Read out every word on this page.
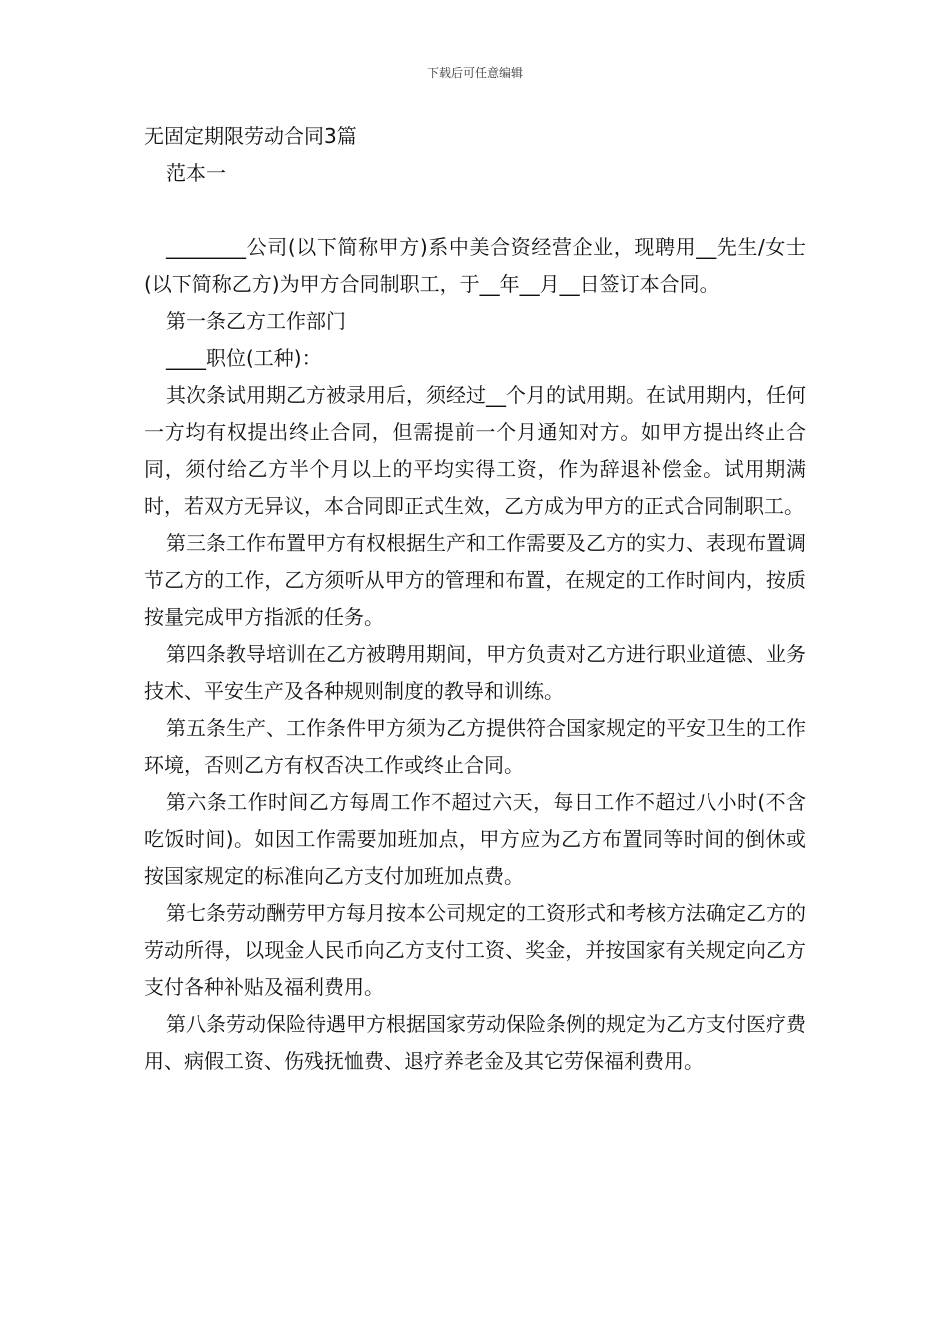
下载后可任意编辑

无固定期限劳动合同3篇

范本一

________公司(以下简称甲方)系中美合资经营企业，现聘用__先生/女士(以下简称乙方)为甲方合同制职工，于__年__月__日签订本合同。

第一条乙方工作部门

____职位(工种)：

其次条试用期乙方被录用后，须经过__个月的试用期。在试用期内，任何一方均有权提出终止合同，但需提前一个月通知对方。如甲方提出终止合同，须付给乙方半个月以上的平均实得工资，作为辞退补偿金。试用期满时，若双方无异议，本合同即正式生效，乙方成为甲方的正式合同制职工。

第三条工作布置甲方有权根据生产和工作需要及乙方的实力、表现布置调节乙方的工作，乙方须听从甲方的管理和布置，在规定的工作时间内，按质按量完成甲方指派的任务。

第四条教导培训在乙方被聘用期间，甲方负责对乙方进行职业道德、业务技术、平安生产及各种规则制度的教导和训练。

第五条生产、工作条件甲方须为乙方提供符合国家规定的平安卫生的工作环境，否则乙方有权否决工作或终止合同。

第六条工作时间乙方每周工作不超过六天，每日工作不超过八小时(不含吃饭时间)。如因工作需要加班加点，甲方应为乙方布置同等时间的倒休或按国家规定的标准向乙方支付加班加点费。

第七条劳动酬劳甲方每月按本公司规定的工资形式和考核方法确定乙方的劳动所得，以现金人民币向乙方支付工资、奖金，并按国家有关规定向乙方支付各种补贴及福利费用。

第八条劳动保险待遇甲方根据国家劳动保险条例的规定为乙方支付医疗费用、病假工资、伤残抚恤费、退疗养老金及其它劳保福利费用。
